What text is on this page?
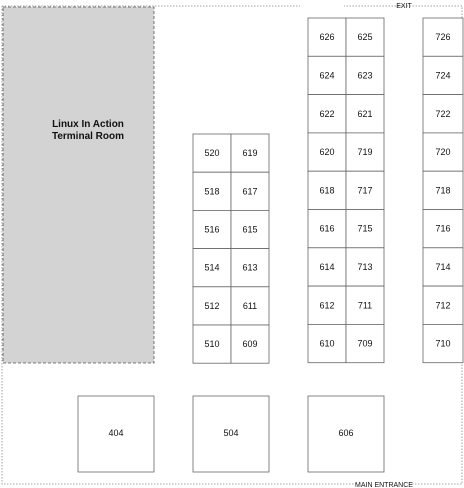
Linux In Action
Terminal Room
EXIT
MAIN ENTRANCE
520
518
516
514
512
510
619
617
615
613
611
609
626
624
622
620
618
616
614
612
610
625
623
621
719
717
715
713
711
709
726
724
722
720
718
716
714
712
710
404	504	606
